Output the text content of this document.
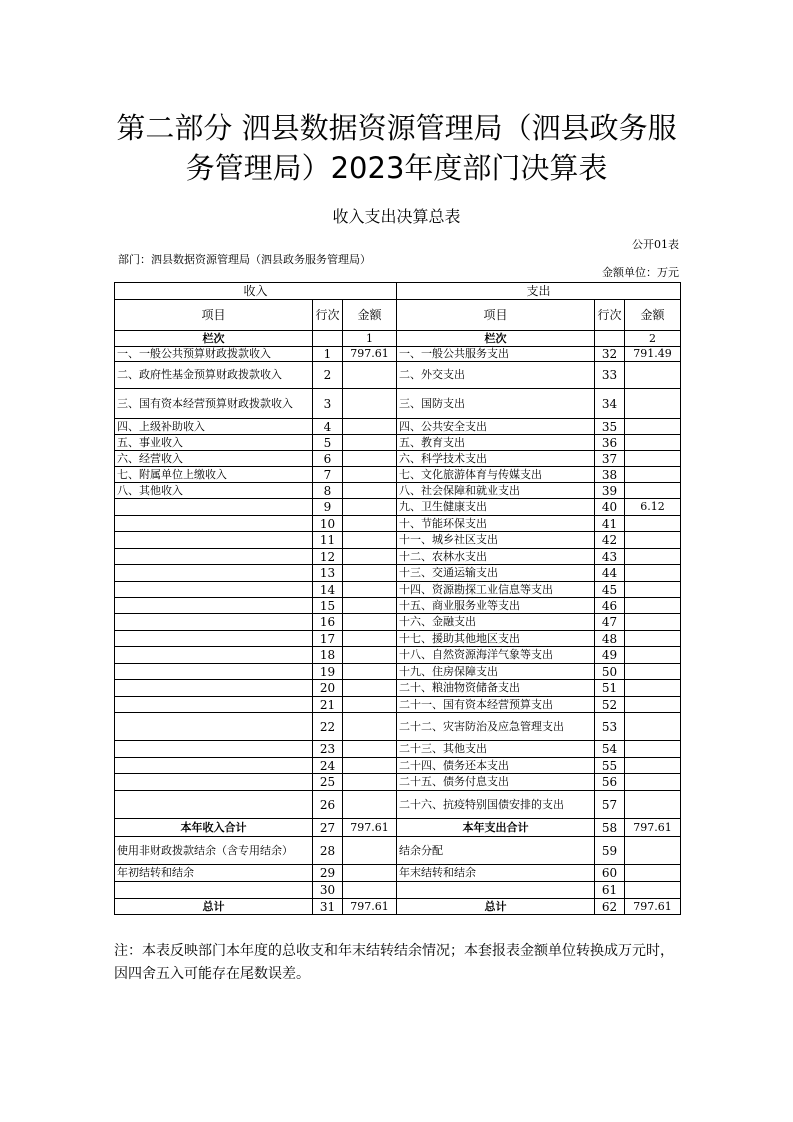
第二部分 泗县数据资源管理局（泗县政务服
务管理局）2023年度部门决算表
收入支出决算总表
公开01表
部门：泗县数据资源管理局（泗县政务服务管理局）
金额单位：万元
收入			支出		
项目	行次	金额	项目	行次	金额
栏次		1	栏次		2
一、一般公共预算财政拨款收入	1	797.61	一、一般公共服务支出	32	791.49
二、政府性基金预算财政拨款收入	2		二、外交支出	33	
三、国有资本经营预算财政拨款收入	3		三、国防支出	34	
四、上级补助收入	4		四、公共安全支出	35	
五、事业收入	5		五、教育支出	36	
六、经营收入	6		六、科学技术支出	37	
七、附属单位上缴收入	7		七、文化旅游体育与传媒支出	38	
八、其他收入	8		八、社会保障和就业支出	39	
	9		九、卫生健康支出	40	6.12
	10		十、节能环保支出	41	
	11		十一、城乡社区支出	42	
	12		十二、农林水支出	43	
	13		十三、交通运输支出	44	
	14		十四、资源勘探工业信息等支出	45	
	15		十五、商业服务业等支出	46	
	16		十六、金融支出	47	
	17		十七、援助其他地区支出	48	
	18		十八、自然资源海洋气象等支出	49	
	19		十九、住房保障支出	50	
	20		二十、粮油物资储备支出	51	
	21		二十一、国有资本经营预算支出	52	
	22		二十二、灾害防治及应急管理支出	53	
	23		二十三、其他支出	54	
	24		二十四、债务还本支出	55	
	25		二十五、债务付息支出	56	
	26		二十六、抗疫特别国债安排的支出	57	
本年收入合计	27	797.61	本年支出合计	58	797.61
使用非财政拨款结余（含专用结余）	28		结余分配	59	
年初结转和结余	29		年末结转和结余	60	
	30			61	
总计	31	797.61	总计	62	797.61
注：本表反映部门本年度的总收支和年末结转结余情况；本套报表金额单位转换成万元时，因四舍五入可能存在尾数误差。
